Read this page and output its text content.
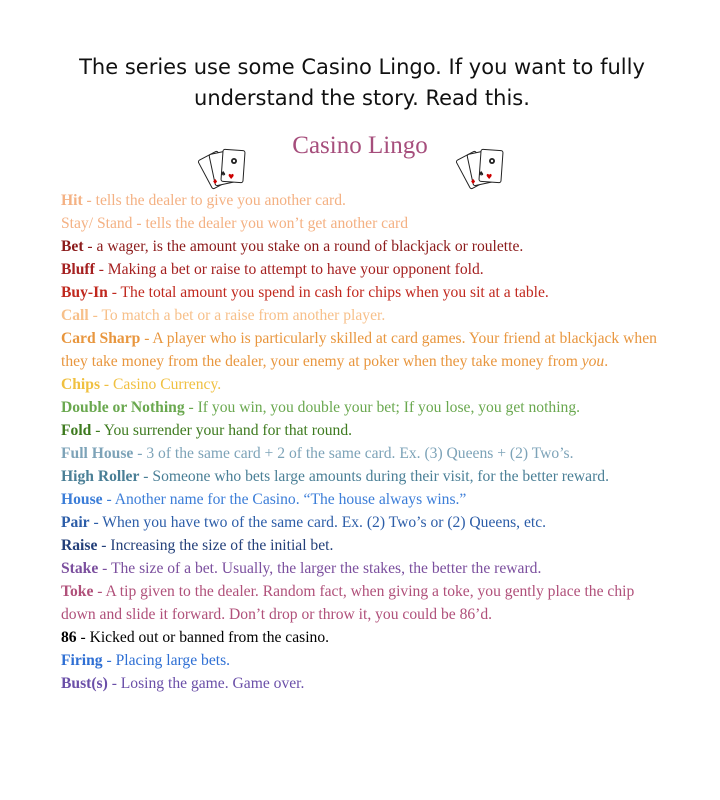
The series use some Casino Lingo. If you want to fully understand the story. Read this.
♦
♠ ♥
Casino Lingo
♦
♠ ♥

Hit - tells the dealer to give you another card.

Stay/ Stand - tells the dealer you won’t get another card

Bet - a wager, is the amount you stake on a round of blackjack or roulette.

Bluff - Making a bet or raise to attempt to have your opponent fold.

Buy-In - The total amount you spend in cash for chips when you sit at a table.

Call - To match a bet or a raise from another player.

Card Sharp - A player who is particularly skilled at card games. Your friend at blackjack when they take money from the dealer, your enemy at poker when they take money from you.

Chips - Casino Currency.

Double or Nothing - If you win, you double your bet; If you lose, you get nothing.

Fold - You surrender your hand for that round.

Full House - 3 of the same card + 2 of the same card. Ex. (3) Queens + (2) Two’s.

High Roller - Someone who bets large amounts during their visit, for the better reward.

House - Another name for the Casino. “The house always wins.”

Pair - When you have two of the same card. Ex. (2) Two’s or (2) Queens, etc.

Raise - Increasing the size of the initial bet.

Stake - The size of a bet. Usually, the larger the stakes, the better the reward.

Toke - A tip given to the dealer. Random fact, when giving a toke, you gently place the chip down and slide it forward. Don’t drop or throw it, you could be 86’d.

86 - Kicked out or banned from the casino.

Firing - Placing large bets.

Bust(s) - Losing the game. Game over.
